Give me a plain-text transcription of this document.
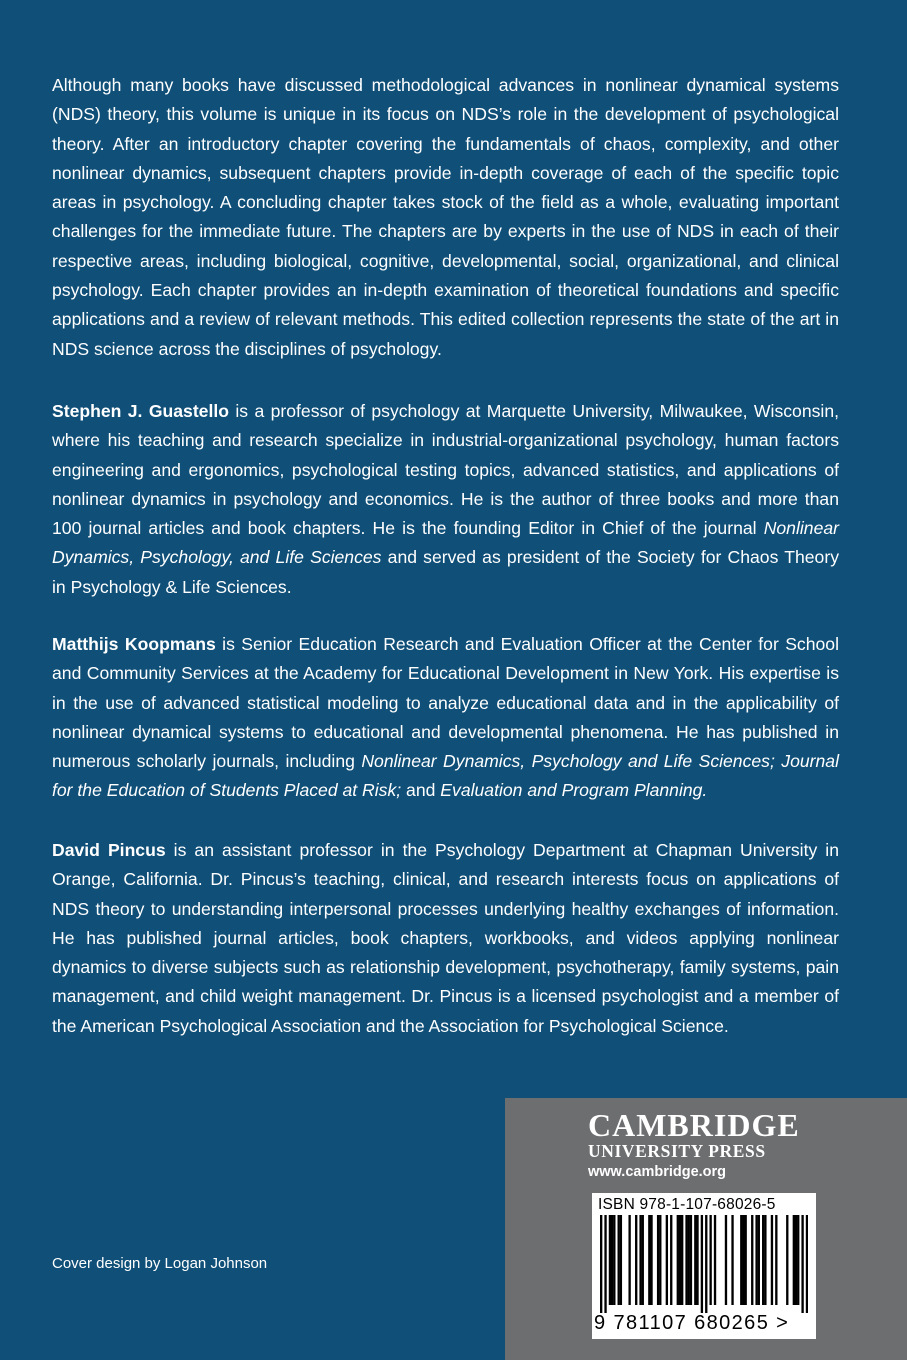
Although many books have discussed methodological advances in nonlinear dynamical systems (NDS) theory, this volume is unique in its focus on NDS’s role in the development of psychological theory. After an introductory chapter covering the fundamentals of chaos, complexity, and other nonlinear dynamics, subsequent chapters provide in-depth coverage of each of the specific topic areas in psychology. A concluding chapter takes stock of the field as a whole, evaluating important challenges for the immediate future. The chapters are by experts in the use of NDS in each of their respective areas, including biological, cognitive, developmental, social, organizational, and clinical psychology. Each chapter provides an in-depth examination of theoretical foundations and specific applications and a review of relevant methods. This edited collection represents the state of the art in NDS science across the disciplines of psychology.

Stephen J. Guastello is a professor of psychology at Marquette University, Milwaukee, Wisconsin, where his teaching and research specialize in industrial-organizational psychology, human factors engineering and ergonomics, psychological testing topics, advanced statistics, and applications of nonlinear dynamics in psychology and economics. He is the author of three books and more than 100 journal articles and book chapters. He is the founding Editor in Chief of the journal Nonlinear Dynamics, Psychology, and Life Sciences and served as president of the Society for Chaos Theory in Psychology & Life Sciences.

Matthijs Koopmans is Senior Education Research and Evaluation Officer at the Center for School and Community Services at the Academy for Educational Development in New York. His expertise is in the use of advanced statistical modeling to analyze educational data and in the applicability of nonlinear dynamical systems to educational and developmental phenomena. He has published in numerous scholarly journals, including Nonlinear Dynamics, Psychology and Life Sciences; Journal for the Education of Students Placed at Risk; and Evaluation and Program Planning.

David Pincus is an assistant professor in the Psychology Department at Chapman University in Orange, California. Dr. Pincus’s teaching, clinical, and research interests focus on applications of NDS theory to understanding interpersonal processes underlying healthy exchanges of information. He has published journal articles, book chapters, workbooks, and videos applying nonlinear dynamics to diverse subjects such as relationship development, psychotherapy, family systems, pain management, and child weight management. Dr. Pincus is a licensed psychologist and a member of the American Psychological Association and the Association for Psychological Science.

Cover design by Logan Johnson
CAMBRIDGE
UNIVERSITY PRESS
www.cambridge.org
ISBN 978-1-107-68026-5
9 781107 680265 >
